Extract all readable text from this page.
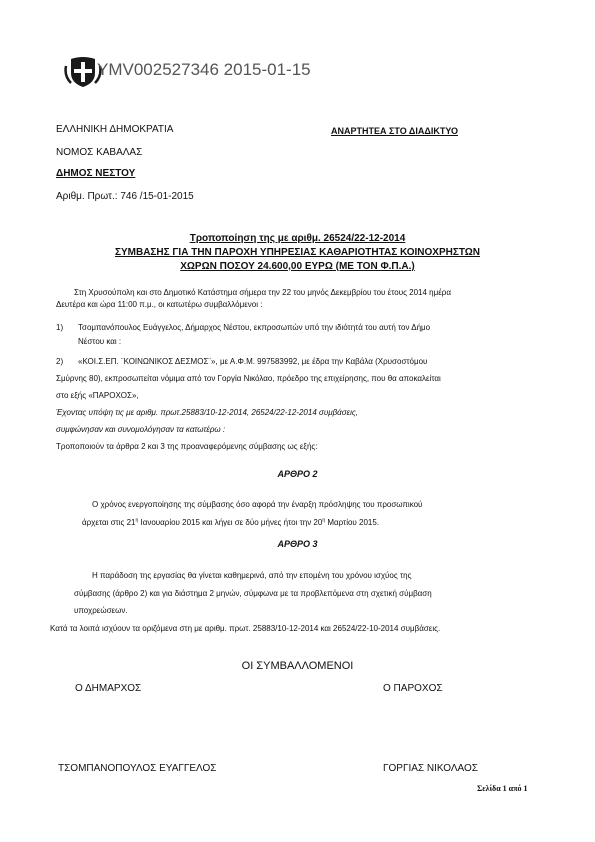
ΥΜV002527346 2015-01-15
ΕΛΛΗΝΙΚΗ ΔΗΜΟΚΡΑΤΙΑ
ΝΟΜΟΣ ΚΑΒΑΛΑΣ
ΔΗΜΟΣ ΝΕΣΤΟΥ
Αριθμ. Πρωτ.: 746 /15-01-2015
ΑΝΑΡΤΗΤΕΑ ΣΤΟ ΔΙΑΔΙΚΤΥΟ
Τροποποίηση της με αριθμ. 26524/22-12-2014
ΣΥΜΒΑΣΗΣ ΓΙΑ ΤΗΝ ΠΑΡΟΧΗ ΥΠΗΡΕΣΙΑΣ ΚΑΘΑΡΙΟΤΗΤΑΣ ΚΟΙΝΟΧΡΗΣΤΩΝ
ΧΩΡΩΝ ΠΟΣΟΥ 24.600,00 ΕΥΡΩ (ΜΕ ΤΟΝ Φ.Π.Α.)
Στη Χρυσούπολη και στο Δημοτικό Κατάστημα σήμερα την 22 του μηνός Δεκεμβρίου του έτους 2014 ημέρα
Δευτέρα και ώρα 11:00 π.μ., οι κατωτέρω συμβαλλόμενοι :
1) Τσομπανόπουλος Ευάγγελος, Δήμαρχος Νέστου, εκπροσωπών υπό την ιδιότητά του αυτή τον Δήμο
Νέστου και :
2) «ΚΟΙ.Σ.ΕΠ. ¨ΚΟΙΝΩΝΙΚΟΣ ΔΕΣΜΟΣ¨», με Α.Φ.Μ. 997583992, με έδρα την Καβάλα (Χρυσοστόμου
Σμύρνης 80), εκπροσωπείται νόμιμα από τον Γοργία Νικόλαο, πρόεδρο της επιχείρησης, που θα αποκαλείται
στο εξής «ΠΑΡΟΧΟΣ»,
Έχοντας υπόψη τις με αριθμ. πρωτ.25883/10-12-2014, 26524/22-12-2014 συμβάσεις,
συμφώνησαν και συνομολόγησαν τα κατωτέρω :
Τροποποιούν τα άρθρα 2 και 3 της προαναφερόμενης σύμβασης ως εξής:
ΑΡΘΡΟ 2
Ο χρόνος ενεργοποίησης της σύμβασης όσο αφορά την έναρξη πρόσληψης του προσωπικού
άρχεται στις $21^\eta$ Ιανουαρίου 2015 και λήγει σε δύο μήνες ήτοι την $20^\eta$ Μαρτίου 2015.
ΑΡΘΡΟ 3
Η παράδοση της εργασίας θα γίνεται καθημερινά, από την επομένη του χρόνου ισχύος της
σύμβασης (άρθρο 2) και για διάστημα 2 μηνών, σύμφωνα με τα προβλεπόμενα στη σχετική σύμβαση
υποχρεώσεων.
Κατά τα λοιπά ισχύουν τα οριζόμενα στη με αριθμ. πρωτ. 25883/10-12-2014 και 26524/22-10-2014 συμβάσεις.
ΟΙ ΣΥΜΒΑΛΛΟΜΕΝΟΙ
Ο ΔΗΜΑΡΧΟΣ	Ο ΠΑΡΟΧΟΣ
ΤΣΟΜΠΑΝΟΠΟΥΛΟΣ ΕΥΑΓΓΕΛΟΣ	ΓΟΡΓΙΑΣ ΝΙΚΟΛΑΟΣ
Σελίδα 1 από 1
